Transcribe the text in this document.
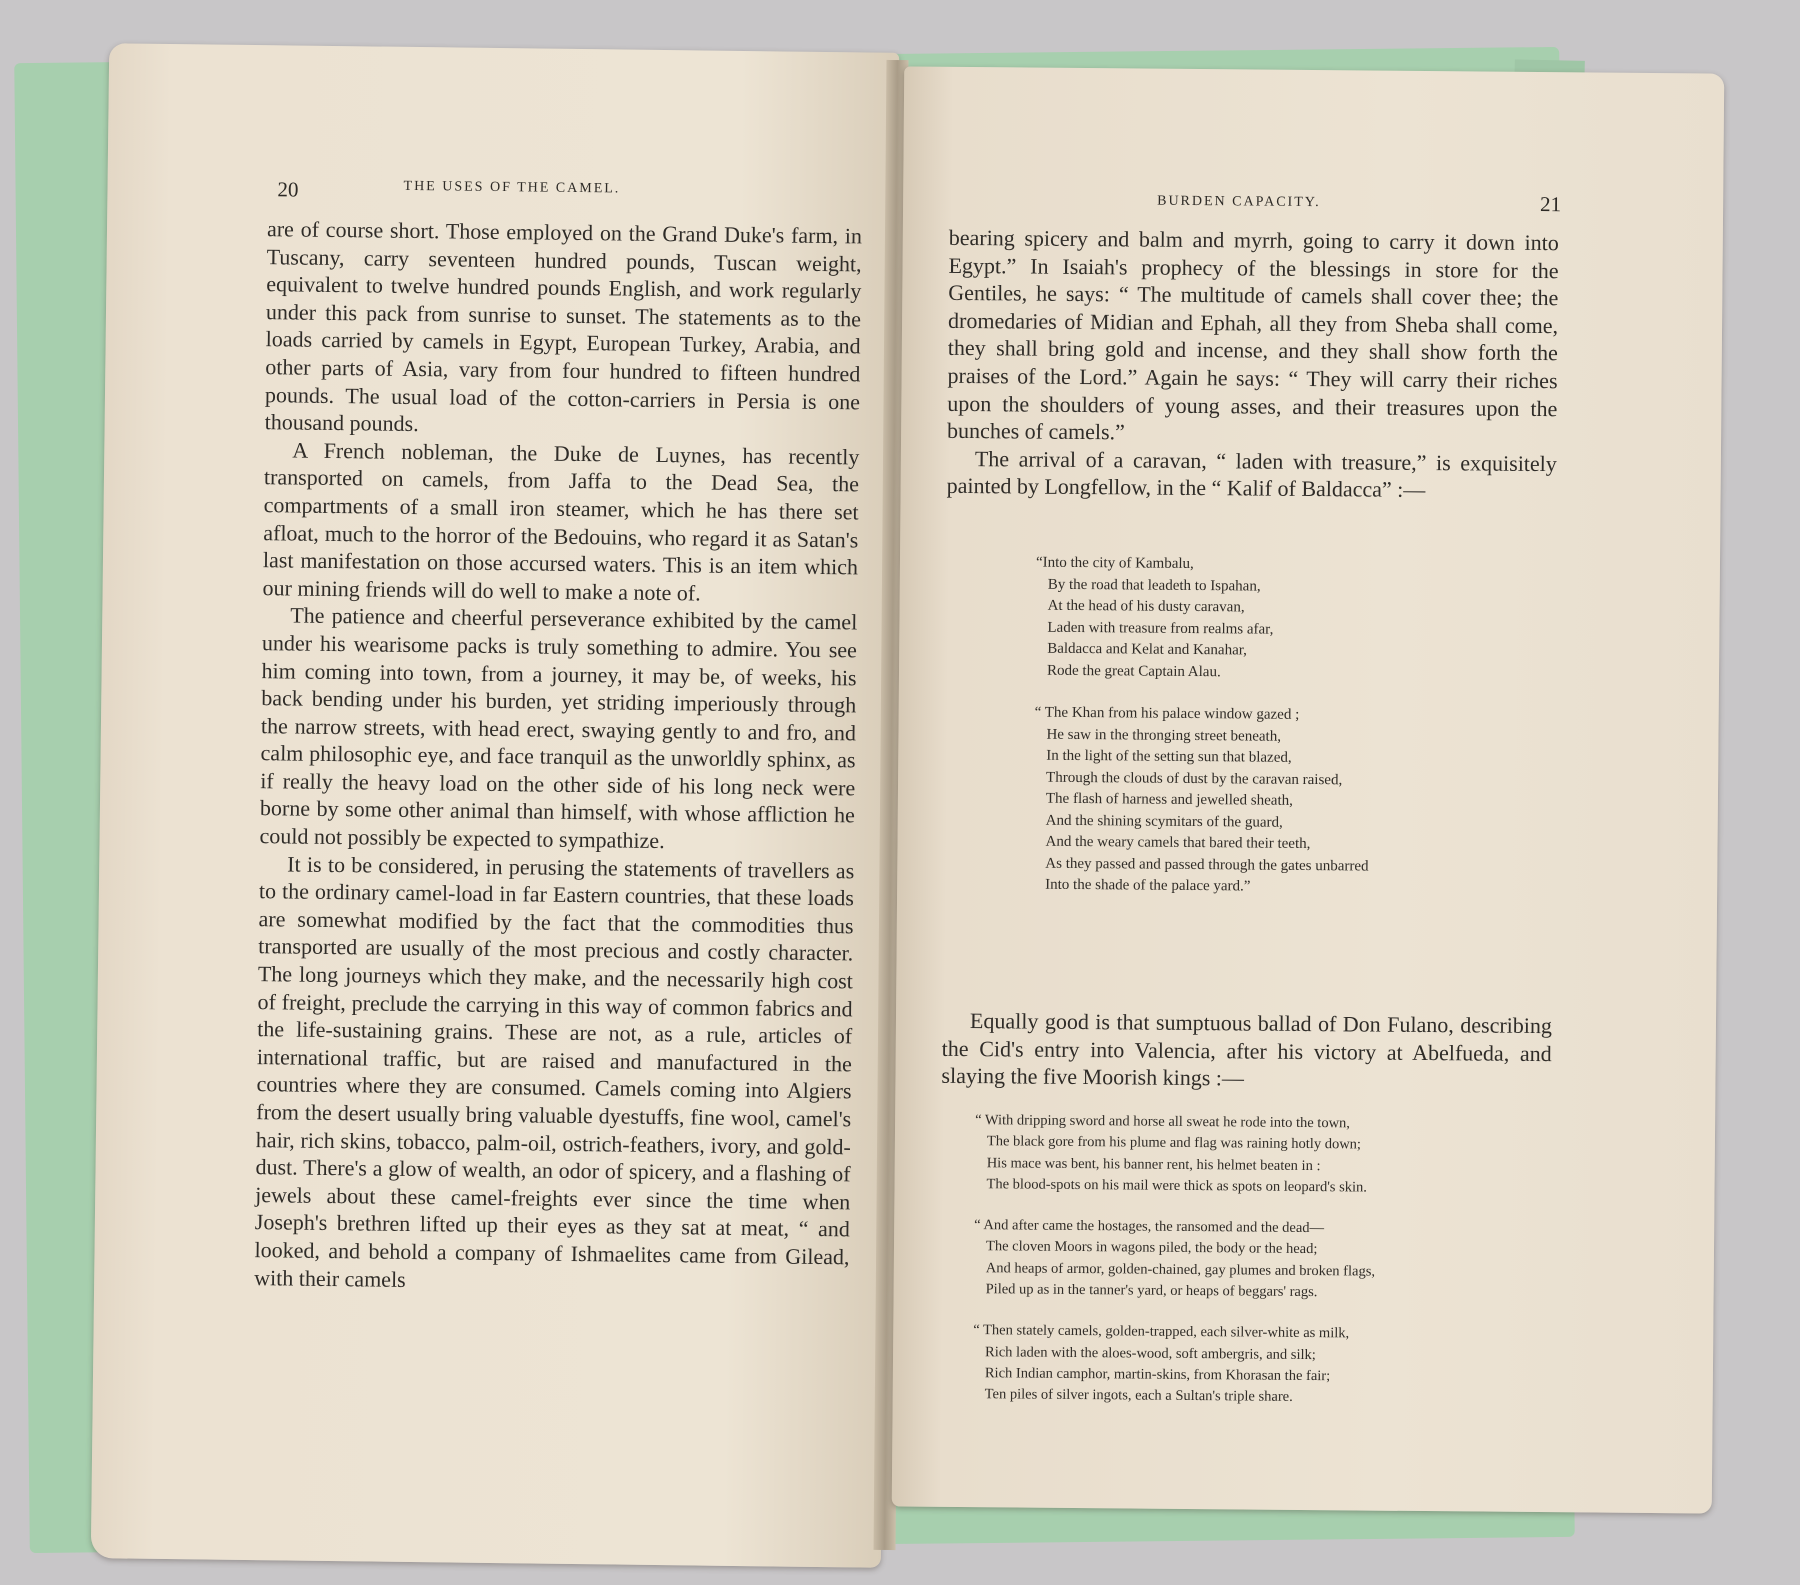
20	THE USES OF THE CAMEL.

are of course short. Those employed on the Grand Duke's farm, in Tuscany, carry seventeen hundred pounds, Tuscan weight, equivalent to twelve hundred pounds English, and work regularly under this pack from sunrise to sunset. The statements as to the loads carried by camels in Egypt, European Turkey, Arabia, and other parts of Asia, vary from four hundred to fifteen hundred pounds. The usual load of the cotton-carriers in Persia is one thousand pounds.

A French nobleman, the Duke de Luynes, has recently transported on camels, from Jaffa to the Dead Sea, the compartments of a small iron steamer, which he has there set afloat, much to the horror of the Bedouins, who regard it as Satan's last manifestation on those accursed waters. This is an item which our mining friends will do well to make a note of.

The patience and cheerful perseverance exhibited by the camel under his wearisome packs is truly something to admire. You see him coming into town, from a journey, it may be, of weeks, his back bending under his burden, yet striding imperiously through the narrow streets, with head erect, swaying gently to and fro, and calm philosophic eye, and face tranquil as the unworldly sphinx, as if really the heavy load on the other side of his long neck were borne by some other animal than himself, with whose affliction he could not possibly be expected to sympathize.

It is to be considered, in perusing the statements of travellers as to the ordinary camel-load in far Eastern countries, that these loads are somewhat modified by the fact that the commodities thus transported are usually of the most precious and costly character. The long journeys which they make, and the necessarily high cost of freight, preclude the carrying in this way of common fabrics and the life-sustaining grains. These are not, as a rule, articles of international traffic, but are raised and manufactured in the countries where they are consumed. Camels coming into Algiers from the desert usually bring valuable dyestuffs, fine wool, camel's hair, rich skins, tobacco, palm-oil, ostrich-feathers, ivory, and gold-dust. There's a glow of wealth, an odor of spicery, and a flashing of jewels about these camel-freights ever since the time when Joseph's brethren lifted up their eyes as they sat at meat, “ and looked, and behold a company of Ishmaelites came from Gilead, with their camels

BURDEN CAPACITY.	21

bearing spicery and balm and myrrh, going to carry it down into Egypt.” In Isaiah's prophecy of the blessings in store for the Gentiles, he says: “ The multitude of camels shall cover thee; the dromedaries of Midian and Ephah, all they from Sheba shall come, they shall bring gold and incense, and they shall show forth the praises of the Lord.” Again he says: “ They will carry their riches upon the shoulders of young asses, and their treasures upon the bunches of camels.”

The arrival of a caravan, “ laden with treasure,” is exquisitely painted by Longfellow, in the “ Kalif of Baldacca” :—

“Into the city of Kambalu,
By the road that leadeth to Ispahan,
At the head of his dusty caravan,
Laden with treasure from realms afar,
Baldacca and Kelat and Kanahar,
Rode the great Captain Alau.
“ The Khan from his palace window gazed ;
He saw in the thronging street beneath,
In the light of the setting sun that blazed,
Through the clouds of dust by the caravan raised,
The flash of harness and jewelled sheath,
And the shining scymitars of the guard,
And the weary camels that bared their teeth,
As they passed and passed through the gates unbarred
Into the shade of the palace yard.”

Equally good is that sumptuous ballad of Don Fulano, describing the Cid's entry into Valencia, after his victory at Abelfueda, and slaying the five Moorish kings :—

“ With dripping sword and horse all sweat he rode into the town,
The black gore from his plume and flag was raining hotly down;
His mace was bent, his banner rent, his helmet beaten in :
The blood-spots on his mail were thick as spots on leopard's skin.
“ And after came the hostages, the ransomed and the dead—
The cloven Moors in wagons piled, the body or the head;
And heaps of armor, golden-chained, gay plumes and broken flags,
Piled up as in the tanner's yard, or heaps of beggars' rags.
“ Then stately camels, golden-trapped, each silver-white as milk,
Rich laden with the aloes-wood, soft ambergris, and silk;
Rich Indian camphor, martin-skins, from Khorasan the fair;
Ten piles of silver ingots, each a Sultan's triple share.
